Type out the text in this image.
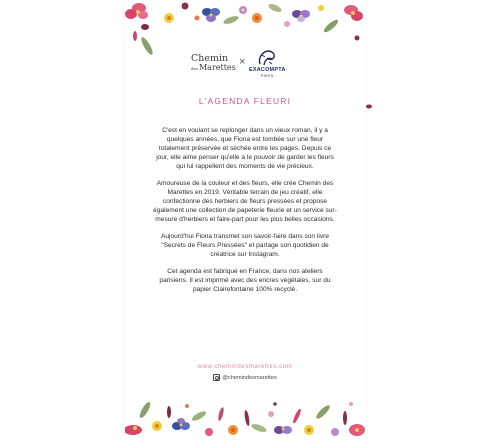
Chemin
desMarettes ×
EXACOMPTA
PARIS
L'AGENDA FLEURI

C'est en voulant se replonger dans un vieux roman, il y a quelques années, que Fiona est tombée sur une fleur totalement préservée et séchée entre les pages. Depuis ce jour, elle aime penser qu'elle a le pouvoir de garder les fleurs qui lui rappellent des moments de vie précieux.

Amoureuse de la couleur et des fleurs, elle crée Chemin des Marettes en 2019. Véritable terrain de jeu créatif, elle confectionne des herbiers de fleurs pressées et propose également une collection de papeterie fleurie et un service sur-mesure d'herbiers et faire-part pour les plus belles occasions.

Aujourd'hui Fiona transmet son savoir-faire dans son livre "Secrets de Fleurs Pressées" et partage son quotidien de créatrice sur Instagram.

Cet agenda est fabriqué en France, dans nos ateliers parisiens. Il est imprimé avec des encres végétales, sur du papier Clairefontaine 100% recyclé.

www.chemindesmarettes.com
@chemindesmarettes
